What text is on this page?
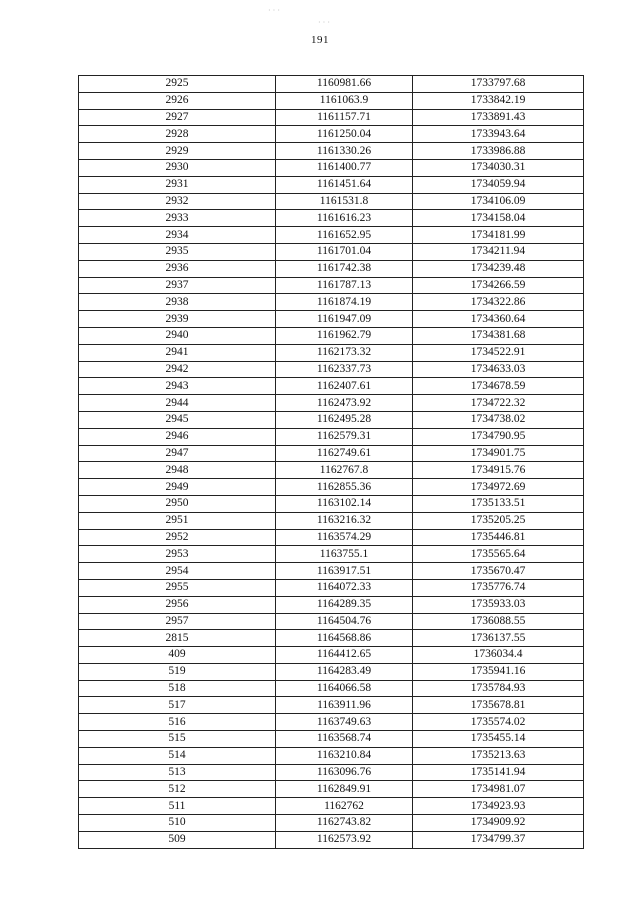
· · ·
· · ·
191
2925	1160981.66	1733797.68
2926	1161063.9	1733842.19
2927	1161157.71	1733891.43
2928	1161250.04	1733943.64
2929	1161330.26	1733986.88
2930	1161400.77	1734030.31
2931	1161451.64	1734059.94
2932	1161531.8	1734106.09
2933	1161616.23	1734158.04
2934	1161652.95	1734181.99
2935	1161701.04	1734211.94
2936	1161742.38	1734239.48
2937	1161787.13	1734266.59
2938	1161874.19	1734322.86
2939	1161947.09	1734360.64
2940	1161962.79	1734381.68
2941	1162173.32	1734522.91
2942	1162337.73	1734633.03
2943	1162407.61	1734678.59
2944	1162473.92	1734722.32
2945	1162495.28	1734738.02
2946	1162579.31	1734790.95
2947	1162749.61	1734901.75
2948	1162767.8	1734915.76
2949	1162855.36	1734972.69
2950	1163102.14	1735133.51
2951	1163216.32	1735205.25
2952	1163574.29	1735446.81
2953	1163755.1	1735565.64
2954	1163917.51	1735670.47
2955	1164072.33	1735776.74
2956	1164289.35	1735933.03
2957	1164504.76	1736088.55
2815	1164568.86	1736137.55
409	1164412.65	1736034.4
519	1164283.49	1735941.16
518	1164066.58	1735784.93
517	1163911.96	1735678.81
516	1163749.63	1735574.02
515	1163568.74	1735455.14
514	1163210.84	1735213.63
513	1163096.76	1735141.94
512	1162849.91	1734981.07
511	1162762	1734923.93
510	1162743.82	1734909.92
509	1162573.92	1734799.37
